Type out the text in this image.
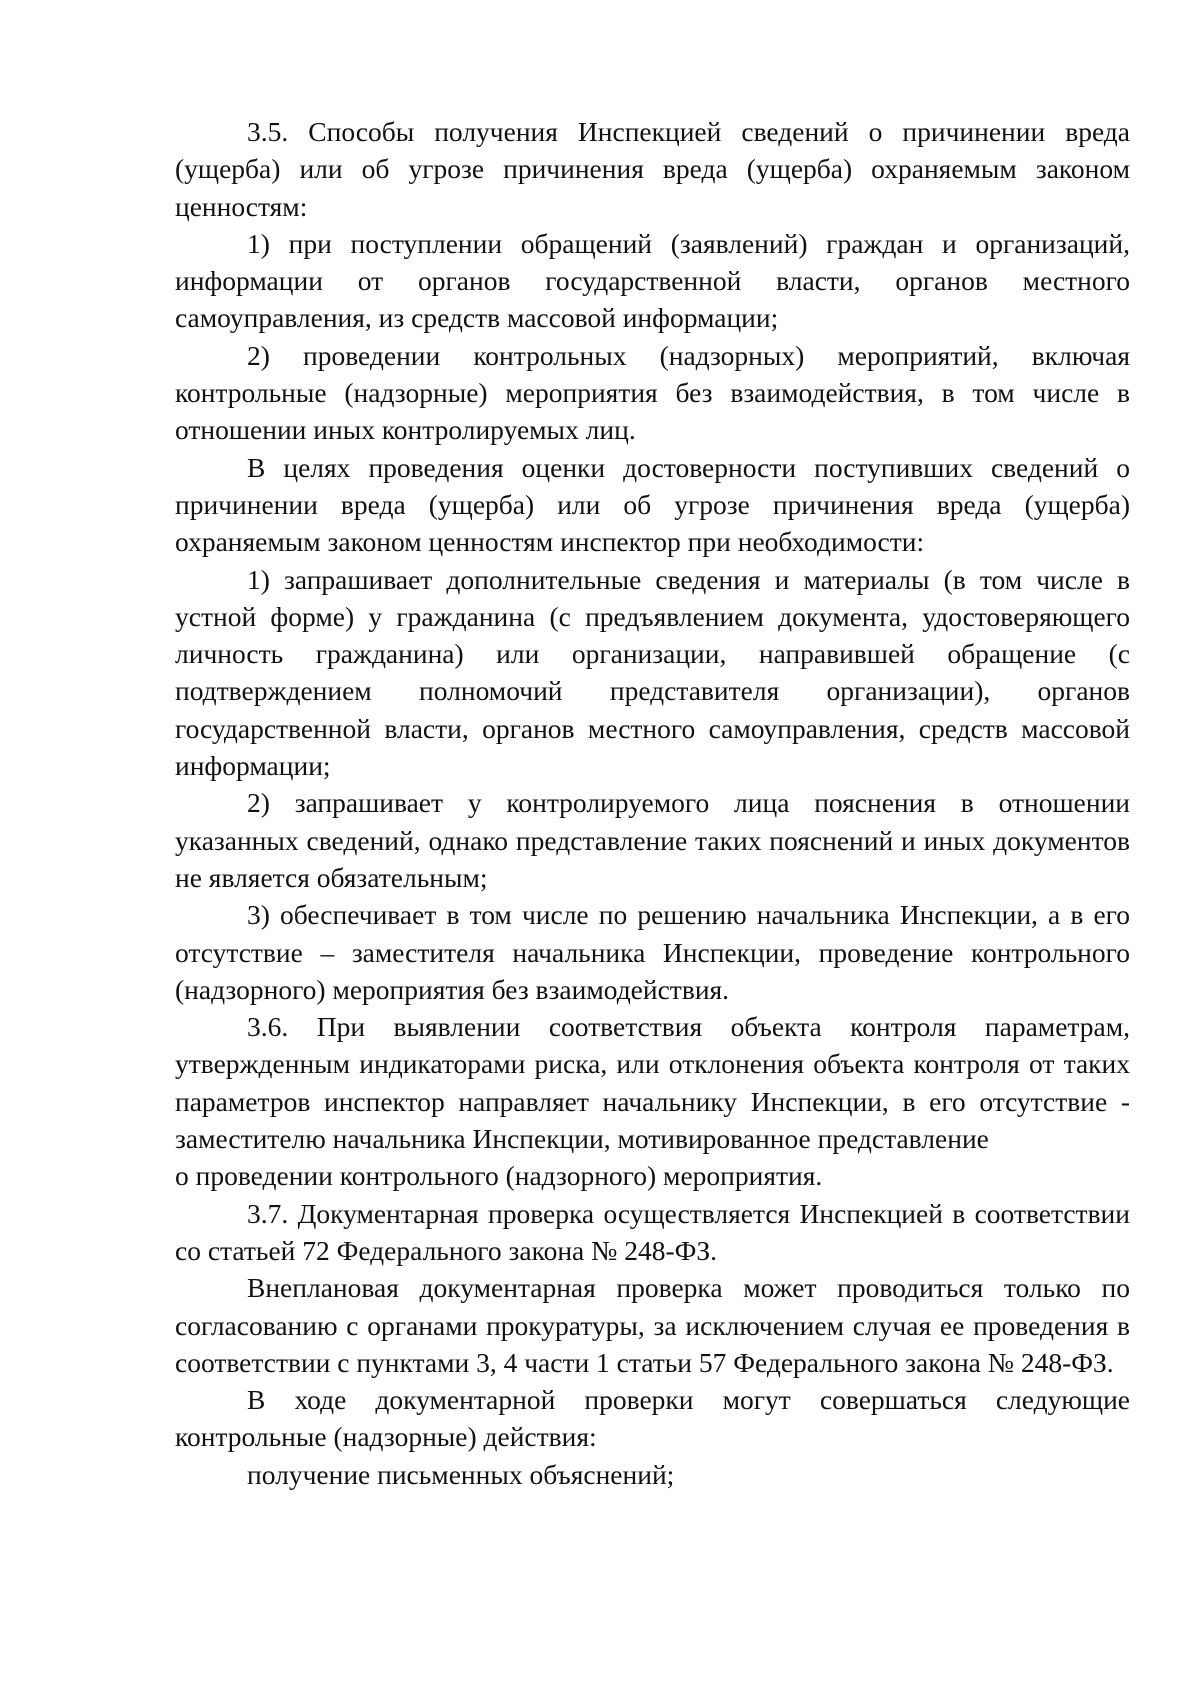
3.5. Способы получения Инспекцией сведений о причинении вреда (ущерба) или об угрозе причинения вреда (ущерба) охраняемым законом ценностям:

1) при поступлении обращений (заявлений) граждан и организаций, информации от органов государственной власти, органов местного самоуправления, из средств массовой информации;

2) проведении контрольных (надзорных) мероприятий, включая контрольные (надзорные) мероприятия без взаимодействия, в том числе в отношении иных контролируемых лиц.

В целях проведения оценки достоверности поступивших сведений о причинении вреда (ущерба) или об угрозе причинения вреда (ущерба) охраняемым законом ценностям инспектор при необходимости:

1) запрашивает дополнительные сведения и материалы (в том числе в устной форме) у гражданина (с предъявлением документа, удостоверяющего личность гражданина) или организации, направившей обращение (с подтверждением полномочий представителя организации), органов государственной власти, органов местного самоуправления, средств массовой информации;

2) запрашивает у контролируемого лица пояснения в отношении указанных сведений, однако представление таких пояснений и иных документов не является обязательным;

3) обеспечивает в том числе по решению начальника Инспекции, а в его отсутствие – заместителя начальника Инспекции, проведение контрольного (надзорного) мероприятия без взаимодействия.

3.6. При выявлении соответствия объекта контроля параметрам, утвержденным индикаторами риска, или отклонения объекта контроля от таких параметров инспектор направляет начальнику Инспекции, в его отсутствие - заместителю начальника Инспекции, мотивированное представление

о проведении контрольного (надзорного) мероприятия.

3.7. Документарная проверка осуществляется Инспекцией в соответствии со статьей 72 Федерального закона № 248-ФЗ.

Внеплановая документарная проверка может проводиться только по согласованию с органами прокуратуры, за исключением случая ее проведения в соответствии с пунктами 3, 4 части 1 статьи 57 Федерального закона № 248-ФЗ.

В ходе документарной проверки могут совершаться следующие контрольные (надзорные) действия:

получение письменных объяснений;
